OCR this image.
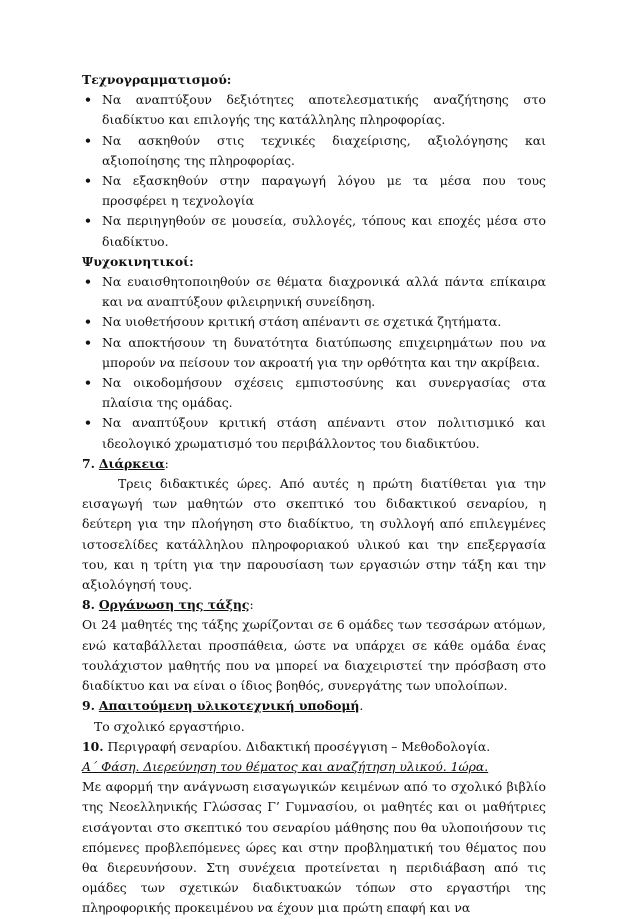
Τεχνογραμματισμού:

• Να αναπτύξουν δεξιότητες αποτελεσματικής αναζήτησης στο διαδίκτυο και επιλογής της κατάλληλης πληροφορίας.
• Να ασκηθούν στις τεχνικές διαχείρισης, αξιολόγησης και αξιοποίησης της πληροφορίας.
• Να εξασκηθούν στην παραγωγή λόγου με τα μέσα που τους προσφέρει η τεχνολογία
• Να περιηγηθούν σε μουσεία, συλλογές, τόπους και εποχές μέσα στο διαδίκτυο.

Ψυχοκινητικοί:

• Να ευαισθητοποιηθούν σε θέματα διαχρονικά αλλά πάντα επίκαιρα και να αναπτύξουν φιλειρηνική συνείδηση.
• Να υιοθετήσουν κριτική στάση απέναντι σε σχετικά ζητήματα.
• Να αποκτήσουν τη δυνατότητα διατύπωσης επιχειρημάτων που να μπορούν να πείσουν τον ακροατή για την ορθότητα και την ακρίβεια.
• Να οικοδομήσουν σχέσεις εμπιστοσύνης και συνεργασίας στα πλαίσια της ομάδας.
• Να αναπτύξουν κριτική στάση απέναντι στον πολιτισμικό και ιδεολογικό χρωματισμό του περιβάλλοντος του διαδικτύου.

7. Διάρκεια:

Τρεις διδακτικές ώρες. Από αυτές η πρώτη διατίθεται για την εισαγωγή των μαθητών στο σκεπτικό του διδακτικού σεναρίου, η δεύτερη για την πλοήγηση στο διαδίκτυο, τη συλλογή από επιλεγμένες ιστοσελίδες κατάλληλου πληροφοριακού υλικού και την επεξεργασία του, και η τρίτη για την παρουσίαση των εργασιών στην τάξη και την αξιολόγησή τους.

8. Οργάνωση της τάξης:

Οι 24 μαθητές της τάξης χωρίζονται σε 6 ομάδες των τεσσάρων ατόμων, ενώ καταβάλλεται προσπάθεια, ώστε να υπάρχει σε κάθε ομάδα ένας τουλάχιστον μαθητής που να μπορεί να διαχειριστεί την πρόσβαση στο διαδίκτυο και να είναι ο ίδιος βοηθός, συνεργάτης των υπολοίπων.

9. Απαιτούμενη υλικοτεχνική υποδομή.

Το σχολικό εργαστήριο.

10. Περιγραφή σεναρίου. Διδακτική προσέγγιση – Μεθοδολογία.

Α΄ Φάση. Διερεύνηση του θέματος και αναζήτηση υλικού. 1ώρα.

Με αφορμή την ανάγνωση εισαγωγικών κειμένων από το σχολικό βιβλίο της Νεοελληνικής Γλώσσας Γ’ Γυμνασίου, οι μαθητές και οι μαθήτριες εισάγονται στο σκεπτικό του σεναρίου μάθησης που θα υλοποιήσουν τις επόμενες προβλεπόμενες ώρες και στην προβληματική του θέματος που θα διερευνήσουν. Στη συνέχεια προτείνεται η περιδιάβαση από τις ομάδες των σχετικών διαδικτυακών τόπων στο εργαστήρι της πληροφορικής προκειμένου να έχουν μια πρώτη επαφή και να
